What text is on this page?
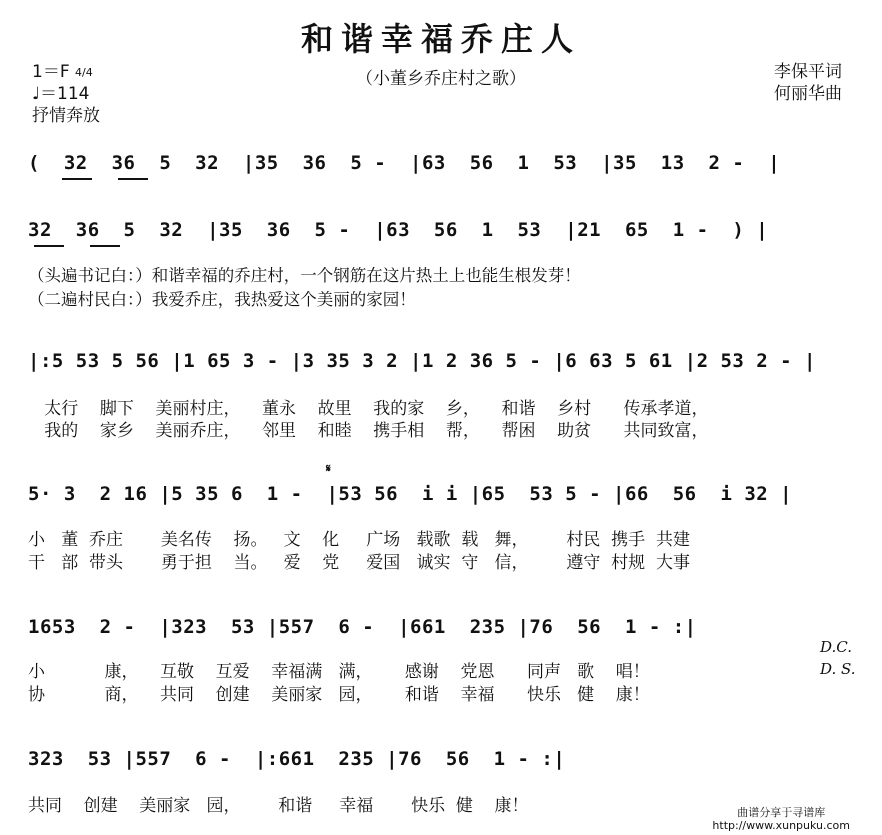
和谐幸福乔庄人
（小董乡乔庄村之歌）
1＝F 4/4
♩＝114
抒情奔放
李保平词
何丽华曲
(  32  36  5  32  |35  36  5 -  |63  56  1  53  |35  13  2 -  |
32  36  5  32  |35  36  5 -  |63  56  1  53  |21  65  1 -  ) |
（头遍书记白：）和谐幸福的乔庄村，一个钢筋在这片热土上也能生根发芽！
（二遍村民白：）我爱乔庄，我热爱这个美丽的家园！
|:5 53 5 56 |1 65 3 - |3 35 3 2 |1 2 36 5 - |6 63 5 61 |2 53 2 - |
太行    脚下    美丽村庄，    董永    故里    我的家    乡，    和谐    乡村      传承孝道，
我的    家乡    美丽乔庄，    邻里    和睦    携手相    帮，    帮困    助贫      共同致富，
𝄋
5· 3  2 16 |5 35 6  1 -  |53 56  i i |65  53 5 - |66  56  i 32 |
小   董  乔庄       美名传    扬。   文    化     广场   载歌  载   舞，       村民  携手  共建
干   部  带头       勇于担    当。   爱    党     爱国   诚实  守   信，       遵守  村规  大事
1653  2 -  |323  53 |557  6 -  |661  235 |76  56  1 - :|
小           康，    互敬    互爱    幸福满   满，      感谢    党恩      同声   歌    唱！
协           商，    共同    创建    美丽家   园，      和谐    幸福      快乐   健    康！
D.C.
D. S.
323  53 |557  6 -  |:661  235 |76  56  1 - :|
共同    创建    美丽家   园，       和谐     幸福       快乐  健    康！	曲谱分享于寻谱库
http://www.xunpuku.com
